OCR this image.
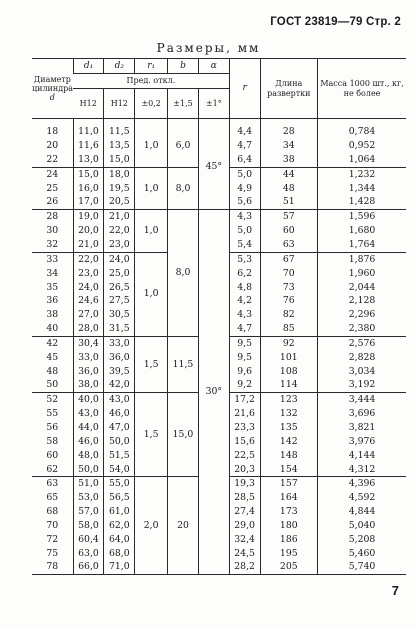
ГОСТ 23819—79 Стр. 2
Размеры, мм
Диаметр цилиндра
d	d₁	d₂	r₁	b	α	r	Длина развертки	Масса 1000 шт., кг, не более
	Пред. откл.							
	H12	H12	±0,2	±1,5	±1°			
18	11,0	11,5	1,0	6,0	45°	4,4	28	0,784
20	11,6	13,5				4,7	34	0,952
22	13,0	15,0				6,4	38	1,064
24	15,0	18,0	1,0	8,0		5,0	44	1,232
25	16,0	19,5				4,9	48	1,344
26	17,0	20,5				5,6	51	1,428
28	19,0	21,0	1,0	8,0	30°	4,3	57	1,596
30	20,0	22,0				5,0	60	1,680
32	21,0	23,0				5,4	63	1,764
33	22,0	24,0	1,0			5,3	67	1,876
34	23,0	25,0				6,2	70	1,960
35	24,0	26,5				4,8	73	2,044
36	24,6	27,5				4,2	76	2,128
38	27,0	30,5				4,3	82	2,296
40	28,0	31,5				4,7	85	2,380
42	30,4	33,0	1,5	11,5		9,5	92	2,576
45	33,0	36,0				9,5	101	2,828
48	36,0	39,5				9,6	108	3,034
50	38,0	42,0				9,2	114	3,192
52	40,0	43,0	1,5	15,0		17,2	123	3,444
55	43,0	46,0				21,6	132	3,696
56	44,0	47,0				23,3	135	3,821
58	46,0	50,0				15,6	142	3,976
60	48,0	51,5				22,5	148	4,144
62	50,0	54,0				20,3	154	4,312
63	51,0	55,0	2,0	20		19,3	157	4,396
65	53,0	56,5				28,5	164	4,592
68	57,0	61,0				27,4	173	4,844
70	58,0	62,0				29,0	180	5,040
72	60,4	64,0				32,4	186	5,208
75	63,0	68,0				24,5	195	5,460
78	66,0	71,0				28,2	205	5,740
7
